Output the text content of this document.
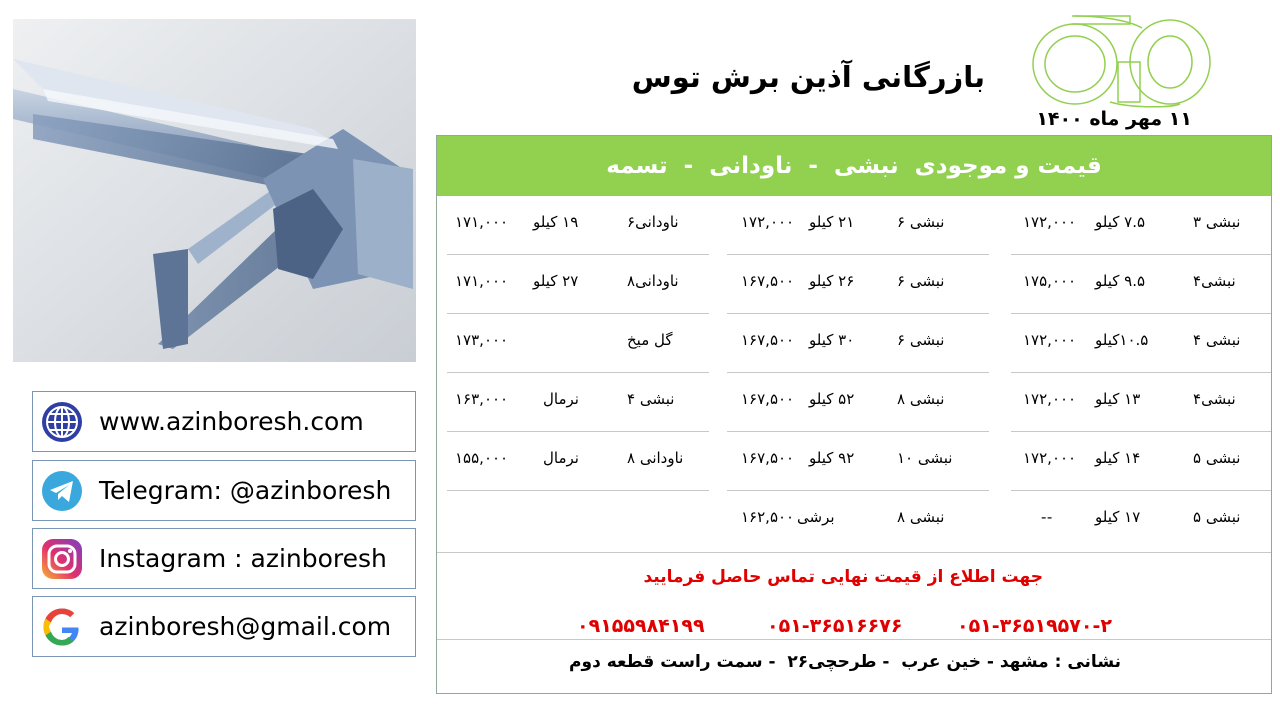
www.azinboresh.com
Telegram: @azinboresh
Instagram : azinboresh
azinboresh@gmail.com
بازرگانی آذین برش توس
۱۱ مهر ماه ۱۴۰۰
قیمت و موجودی  نبشی  -  ناودانی  -  تسمه
نبشی ۳
۷.۵ کیلو
۱۷۲,۰۰۰
نبشی۴
۹.۵ کیلو
۱۷۵,۰۰۰
نبشی ۴
۱۰.۵کیلو
۱۷۲,۰۰۰
نبشی۴
۱۳ کیلو
۱۷۲,۰۰۰
نبشی ۵
۱۴ کیلو
۱۷۲,۰۰۰
نبشی ۵
۱۷ کیلو
--
نبشی ۶
۲۱ کیلو
۱۷۲,۰۰۰
نبشی ۶
۲۶ کیلو
۱۶۷,۵۰۰
نبشی ۶
۳۰ کیلو
۱۶۷,۵۰۰
نبشی ۸
۵۲ کیلو
۱۶۷,۵۰۰
نبشی ۱۰
۹۲ کیلو
۱۶۷,۵۰۰
نبشی ۸
برشی
۱۶۲,۵۰۰
ناودانی۶
۱۹ کیلو
۱۷۱,۰۰۰
ناودانی۸
۲۷ کیلو
۱۷۱,۰۰۰
گل میخ
۱۷۳,۰۰۰
نبشی ۴
نرمال
۱۶۳,۰۰۰
ناودانی ۸
نرمال
۱۵۵,۰۰۰
جهت اطلاع از قیمت نهایی تماس حاصل فرمایید
۰۹۱۵۵۹۸۴۱۹۹	۰۵۱-۳۶۵۱۶۶۷۶	۰۵۱-۳۶۵۱۹۵۷۰-۲
نشانی : مشهد - خین عرب  - طرحچی۲۶  - سمت راست قطعه دوم
